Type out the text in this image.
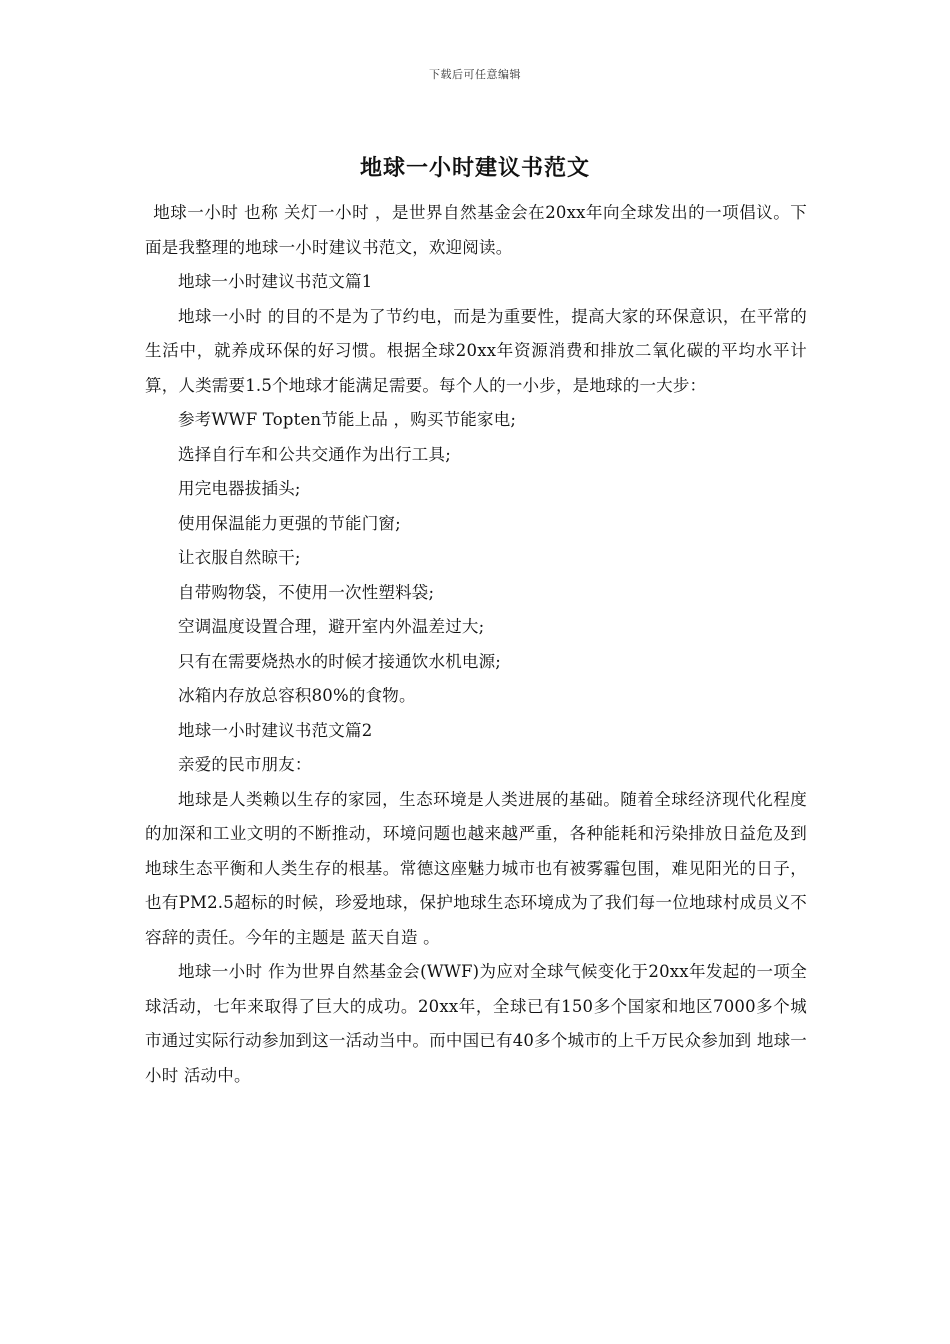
下载后可任意编辑
地球一小时建议书范文

地球一小时 也称 关灯一小时 ，是世界自然基金会在20xx年向全球发出的一项倡议。下面是我整理的地球一小时建议书范文，欢迎阅读。

地球一小时建议书范文篇1

地球一小时 的目的不是为了节约电，而是为重要性，提高大家的环保意识，在平常的生活中，就养成环保的好习惯。根据全球20xx年资源消费和排放二氧化碳的平均水平计算，人类需要1.5个地球才能满足需要。每个人的一小步，是地球的一大步：

参考WWF Topten节能上品 ，购买节能家电;

选择自行车和公共交通作为出行工具;

用完电器拔插头;

使用保温能力更强的节能门窗;

让衣服自然晾干;

自带购物袋，不使用一次性塑料袋;

空调温度设置合理，避开室内外温差过大;

只有在需要烧热水的时候才接通饮水机电源;

冰箱内存放总容积80%的食物。

地球一小时建议书范文篇2

亲爱的民市朋友：

地球是人类赖以生存的家园，生态环境是人类进展的基础。随着全球经济现代化程度的加深和工业文明的不断推动，环境问题也越来越严重，各种能耗和污染排放日益危及到地球生态平衡和人类生存的根基。常德这座魅力城市也有被雾霾包围，难见阳光的日子，也有PM2.5超标的时候，珍爱地球，保护地球生态环境成为了我们每一位地球村成员义不容辞的责任。今年的主题是 蓝天自造 。

地球一小时 作为世界自然基金会(WWF)为应对全球气候变化于20xx年发起的一项全球活动，七年来取得了巨大的成功。20xx年，全球已有150多个国家和地区7000多个城市通过实际行动参加到这一活动当中。而中国已有40多个城市的上千万民众参加到 地球一小时 活动中。
